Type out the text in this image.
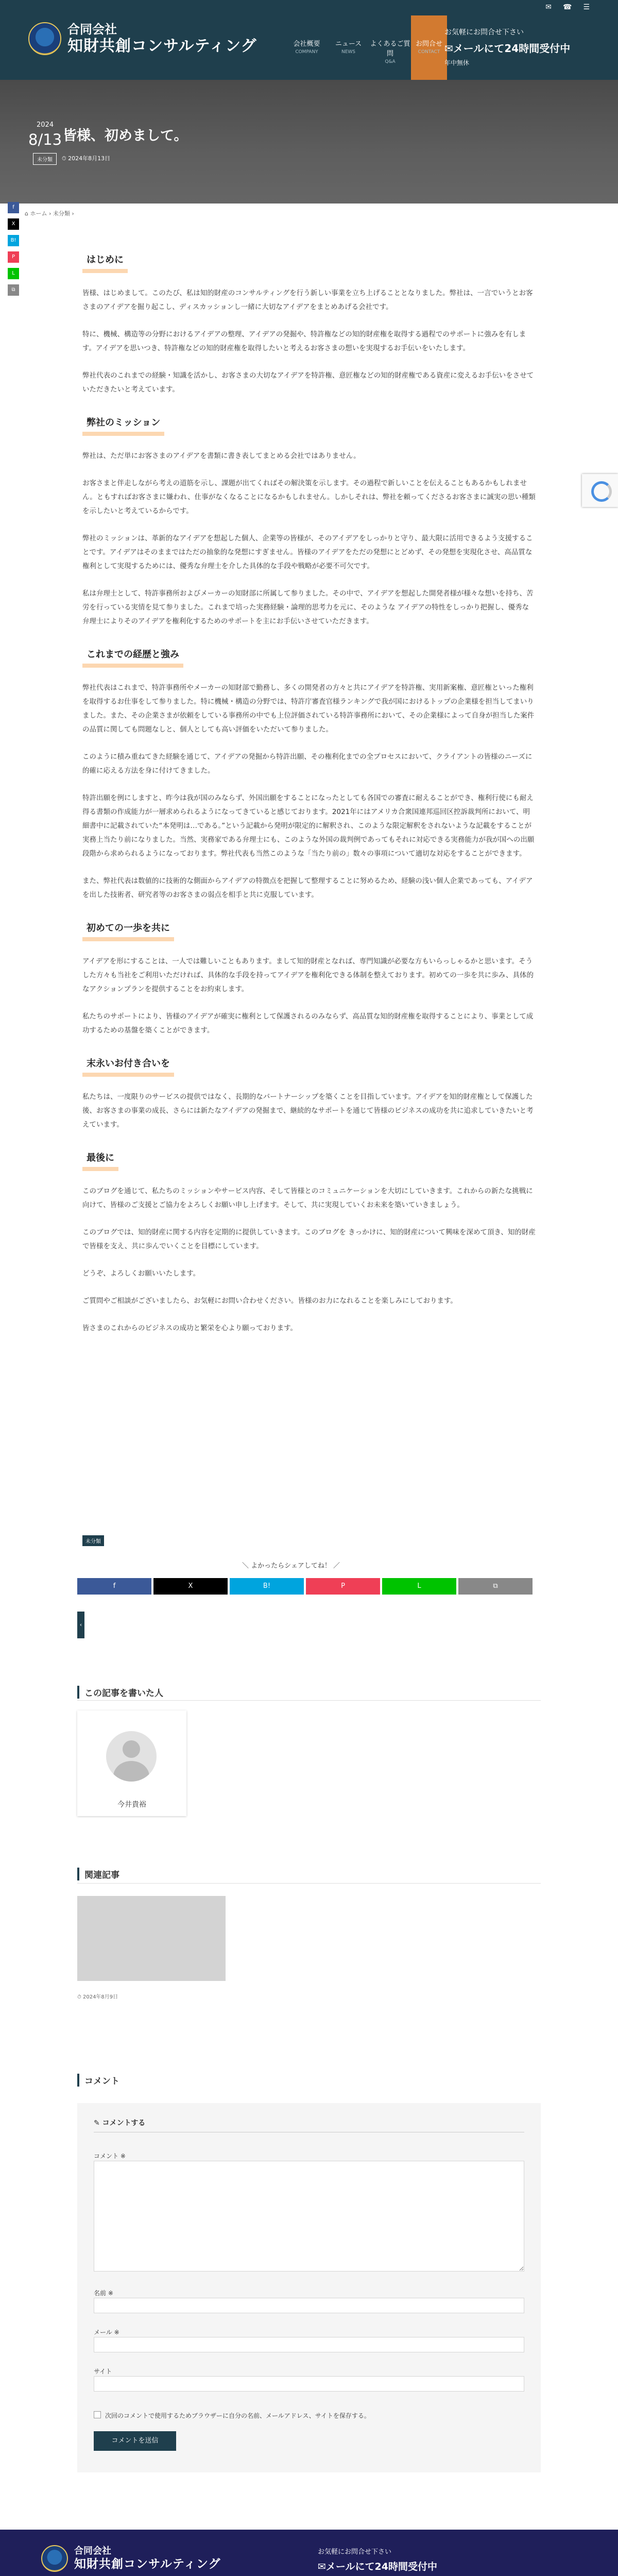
合同会社
知財共創コンサルティング
✉ ☎ ☰
会社概要
COMPANY
ニュース
NEWS
よくあるご質問
Q&A
お問合せ
CONTACT
お気軽にお問合せ下さい
✉メールにて24時間受付中
年中無休
2024
8/13 皆様、初めまして。
未分類	⏱ 2024年8月13日
⌂ ホーム › 未分類 ›
f
X
B!
P
L
⧉
はじめに

皆様、はじめまして。このたび、私は知的財産のコンサルティングを行う新しい事業を立ち上げることとなりました。弊社は、一言でいうとお客さまのアイデアを掘り起こし、ディスカッションし一緒に大切なアイデアをまとめあげる会社です。

特に、機械、構造等の分野におけるアイデアの整理、アイデアの発掘や、特許権などの知的財産権を取得する過程でのサポートに強みを有します。アイデアを思いつき、特許権などの知的財産権を取得したいと考えるお客さまの想いを実現するお手伝いをいたします。

弊社代表のこれまでの経験・知識を活かし、お客さまの大切なアイデアを特許権、意匠権などの知的財産権である資産に変えるお手伝いをさせていただきたいと考えています。

弊社のミッション

弊社は、ただ単にお客さまのアイデアを書類に書き表してまとめる会社ではありません。

お客さまと伴走しながら考えの道筋を示し、課題が出てくればその解決策を示します。その過程で新しいことを伝えることもあるかもしれません。ともすればお客さまに嫌われ、仕事がなくなることになるかもしれません。しかしそれは、弊社を頼ってくださるお客さまに誠実の思い種類を示したいと考えているからです。

弊社のミッションは、革新的なアイデアを想起した個人、企業等の皆様が、そのアイデアをしっかりと守り、最大限に活用できるよう支援することです。アイデアはそのままではただの抽象的な発想にすぎません。皆様のアイデアをただの発想にとどめず、その発想を実現化させ、高品質な権利として実現するためには、優秀な弁理士を介した具体的な手段や戦略が必要不可欠です。

私は弁理士として、特許事務所およびメーカーの知財部に所属して参りました。その中で、アイデアを想起した開発者様が様々な想いを持ち、苦労を行っている実情を見て参りました。これまで培った実務経験・論理的思考力を元に、そのような アイデアの特性をしっかり把握し、優秀な弁理士によりそのアイデアを権利化するためのサポートを主にお手伝いさせていただきます。

これまでの経歴と強み

弊社代表はこれまで、特許事務所やメーカーの知財部で勤務し、多くの開発者の方々と共にアイデアを特許権、実用新案権、意匠権といった権利を取得するお仕事をして参りました。特に機械・構造の分野では、特許庁審査官様ランキングで我が国におけるトップの企業様を担当してまいりました。また、その企業さまが依頼をしている事務所の中でも上位評価されている特許事務所において、その企業様によって自身が担当した案件の品質に関しても問題なしと、個人としても高い評価をいただいて参りました。

このように積み重ねてきた経験を通じて、アイデアの発掘から特許出願、その権利化までの全プロセスにおいて、クライアントの皆様のニーズに的確に応える方法を身に付けてきました。

特許出願を例にしますと、昨今は我が国のみならず、外国出願をすることになったとしても各国での審査に耐えることができ、権利行使にも耐え得る書類の作成能力が一層求められるようになってきていると感じております。2021年にはアメリカ合衆国連邦巡回区控訴裁判所において、明細書中に記載されていた“本発明は…である。”という記載から発明が限定的に解釈され、このような限定解釈をされないような記載をすることが実務上当たり前になりました。当然、実務家である弁理士にも、このような外国の裁判例であってもそれに対応できる実務能力が我が国への出願段階から求められるようになっております。弊社代表も当然このような「当たり前の」数々の事項について適切な対応をすることができます。

また、弊社代表は数値的に技術的な側面からアイデアの特徴点を把握して整理することに努めるため、経験の浅い個人企業であっても、アイデアを出した技術者、研究者等のお客さまの弱点を相手と共に克服しています。

初めての一歩を共に

アイデアを形にすることは、一人では難しいこともあります。まして知的財産となれば、専門知識が必要な方もいらっしゃるかと思います。そうした方々も当社をご利用いただければ、具体的な手段を持ってアイデアを権利化できる体制を整えております。初めての一歩を共に歩み、具体的なアクションプランを提供することをお約束します。

私たちのサポートにより、皆様のアイデアが確実に権利として保護されるのみならず、高品質な知的財産権を取得することにより、事業として成功するための基盤を築くことができます。

末永いお付き合いを

私たちは、一度限りのサービスの提供ではなく、長期的なパートナーシップを築くことを目指しています。アイデアを知的財産権として保護した後、お客さまの事業の成長、さらには新たなアイデアの発掘まで、継続的なサポートを通じて皆様のビジネスの成功を共に追求していきたいと考えています。

最後に

このブログを通じて、私たちのミッションやサービス内容、そして皆様とのコミュニケーションを大切にしていきます。これからの新たな挑戦に向けて、皆様のご支援とご協力をよろしくお願い申し上げます。そして、共に実現していくお未来を築いていきましょう。

このブログでは、知的財産に関する内容を定期的に提供していきます。このブログを きっかけに、知的財産について興味を深めて頂き、知的財産で皆様を支え、共に歩んでいくことを目標にしています。

どうぞ、よろしくお願いいたします。

ご質問やご相談がございましたら、お気軽にお問い合わせください。皆様のお力になれることを楽しみにしております。

皆さまのこれからのビジネスの成功と繁栄を心より願っております。

未分類
＼ よかったらシェアしてね！ ／
f	X	B!	P	L	⧉
‹
この記事を書いた人
今井貴裕
関連記事
⏱ 2024年8月9日
コメント
✎ コメントする
コメント ※
名前 ※
メール ※
サイト
次回のコメントで使用するためブラウザーに自分の名前、メールアドレス、サイトを保存する。
コメントを送信
合同会社
知財共創コンサルティング
お気軽にお問合せ下さい
✉メールにて24時間受付中
